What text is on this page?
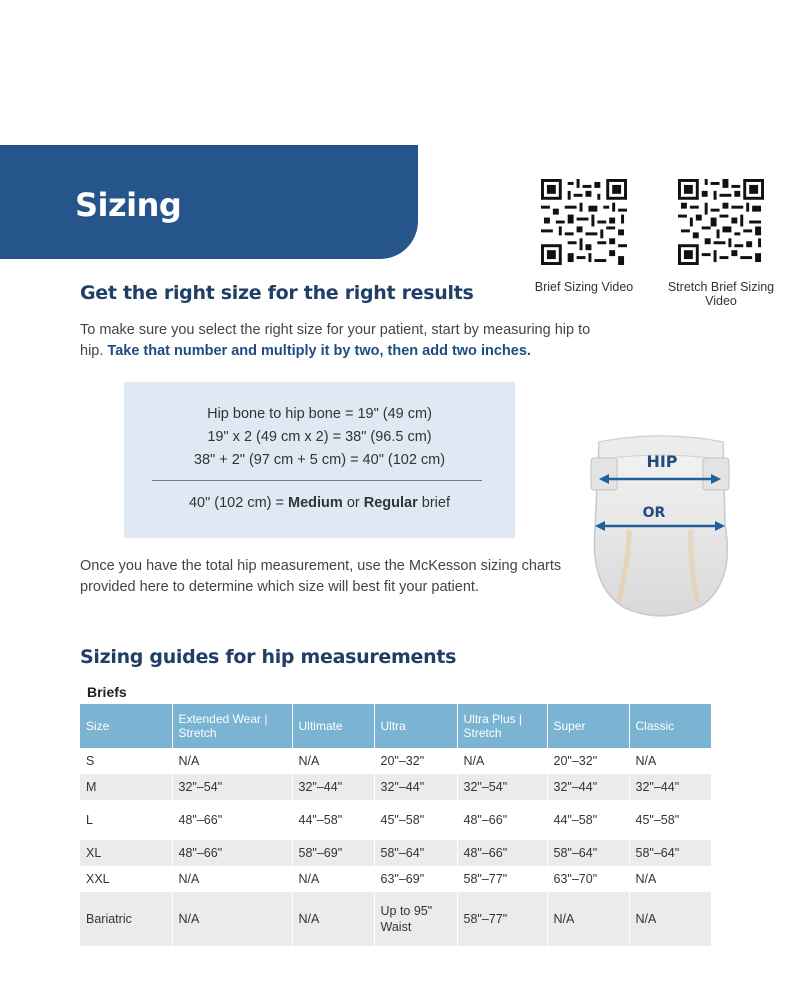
Sizing
Brief Sizing Video	Stretch Brief Sizing Video
Get the right size for the right results
To make sure you select the right size for your patient, start by measuring hip to hip. Take that number and multiply it by two, then add two inches.
Hip bone to hip bone = 19" (49 cm)
19" x 2 (49 cm x 2) = 38" (96.5 cm)
38" + 2" (97 cm + 5 cm) = 40" (102 cm)
40" (102 cm) = Medium or Regular brief
HIP
OR
Once you have the total hip measurement, use the McKesson sizing charts provided here to determine which size will best fit your patient.
Sizing guides for hip measurements
Briefs
Size	Extended Wear | Stretch	Ultimate	Ultra	Ultra Plus | Stretch	Super	Classic
S	N/A	N/A	20"–32"	N/A	20"–32"	N/A
M	32"–54"	32"–44"	32"–44"	32"–54"	32"–44"	32"–44"
L	48"–66"	44"–58"	45"–58"	48"–66"	44"–58"	45"–58"
XL	48"–66"	58"–69"	58"–64"	48"–66"	58"–64"	58"–64"
XXL	N/A	N/A	63"–69"	58"–77"	63"–70"	N/A
Bariatric	N/A	N/A	Up to 95" Waist	58"–77"	N/A	N/A
